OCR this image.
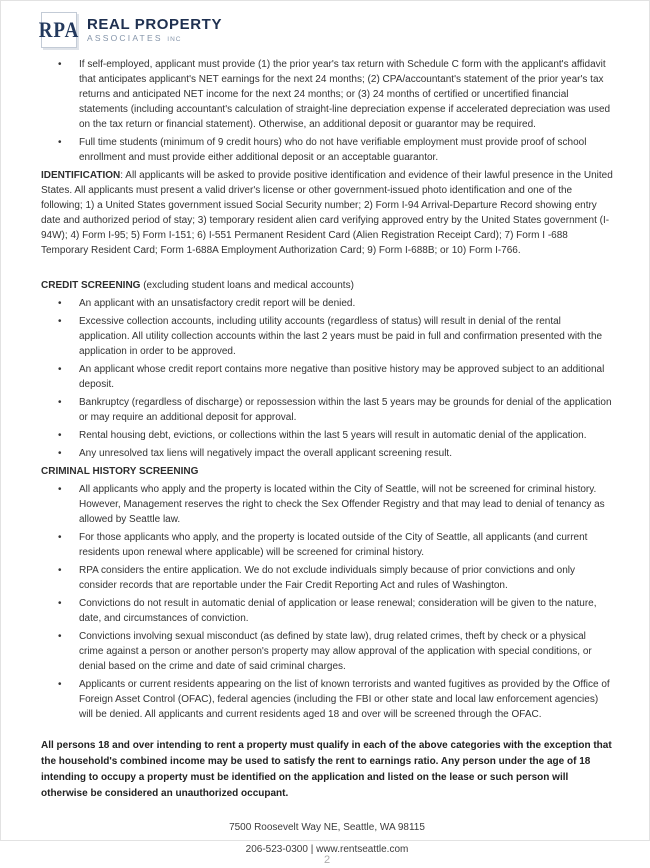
RPA REAL PROPERTY
ASSOCIATES INC
• If self-employed, applicant must provide (1) the prior year's tax return with Schedule C form with the applicant's affidavit that anticipates applicant's NET earnings for the next 24 months; (2) CPA/accountant's statement of the prior year's tax returns and anticipated NET income for the next 24 months; or (3) 24 months of certified or uncertified financial statements (including accountant's calculation of straight-line depreciation expense if accelerated depreciation was used on the tax return or financial statement). Otherwise, an additional deposit or guarantor may be required.
• Full time students (minimum of 9 credit hours) who do not have verifiable employment must provide proof of school enrollment and must provide either additional deposit or an acceptable guarantor.

IDENTIFICATION: All applicants will be asked to provide positive identification and evidence of their lawful presence in the United States. All applicants must present a valid driver's license or other government-issued photo identification and one of the following; 1) a United States government issued Social Security number; 2) Form I-94 Arrival-Departure Record showing entry date and authorized period of stay; 3) temporary resident alien card verifying approved entry by the United States government (I-94W); 4) Form I-95; 5) Form I-151; 6) I-551 Permanent Resident Card (Alien Registration Receipt Card); 7) Form I -688 Temporary Resident Card; Form 1-688A Employment Authorization Card; 9) Form I-688B; or 10) Form I-766.

CREDIT SCREENING (excluding student loans and medical accounts)
• An applicant with an unsatisfactory credit report will be denied.
• Excessive collection accounts, including utility accounts (regardless of status) will result in denial of the rental application. All utility collection accounts within the last 2 years must be paid in full and confirmation presented with the application in order to be approved.
• An applicant whose credit report contains more negative than positive history may be approved subject to an additional deposit.
• Bankruptcy (regardless of discharge) or repossession within the last 5 years may be grounds for denial of the application or may require an additional deposit for approval.
• Rental housing debt, evictions, or collections within the last 5 years will result in automatic denial of the application.
• Any unresolved tax liens will negatively impact the overall applicant screening result.
CRIMINAL HISTORY SCREENING
• All applicants who apply and the property is located within the City of Seattle, will not be screened for criminal history. However, Management reserves the right to check the Sex Offender Registry and that may lead to denial of tenancy as allowed by Seattle law.
• For those applicants who apply, and the property is located outside of the City of Seattle, all applicants (and current residents upon renewal where applicable) will be screened for criminal history.
• RPA considers the entire application. We do not exclude individuals simply because of prior convictions and only consider records that are reportable under the Fair Credit Reporting Act and rules of Washington.
• Convictions do not result in automatic denial of application or lease renewal; consideration will be given to the nature, date, and circumstances of conviction.
• Convictions involving sexual misconduct (as defined by state law), drug related crimes, theft by check or a physical crime against a person or another person's property may allow approval of the application with special conditions, or denial based on the crime and date of said criminal charges.
• Applicants or current residents appearing on the list of known terrorists and wanted fugitives as provided by the Office of Foreign Asset Control (OFAC), federal agencies (including the FBI or other state and local law enforcement agencies) will be denied. All applicants and current residents aged 18 and over will be screened through the OFAC.

All persons 18 and over intending to rent a property must qualify in each of the above categories with the exception that the household's combined income may be used to satisfy the rent to earnings ratio. Any person under the age of 18 intending to occupy a property must be identified on the application and listed on the lease or such person will otherwise be considered an unauthorized occupant.

7500 Roosevelt Way NE, Seattle, WA 98115
206-523-0300 | www.rentseattle.com
2
